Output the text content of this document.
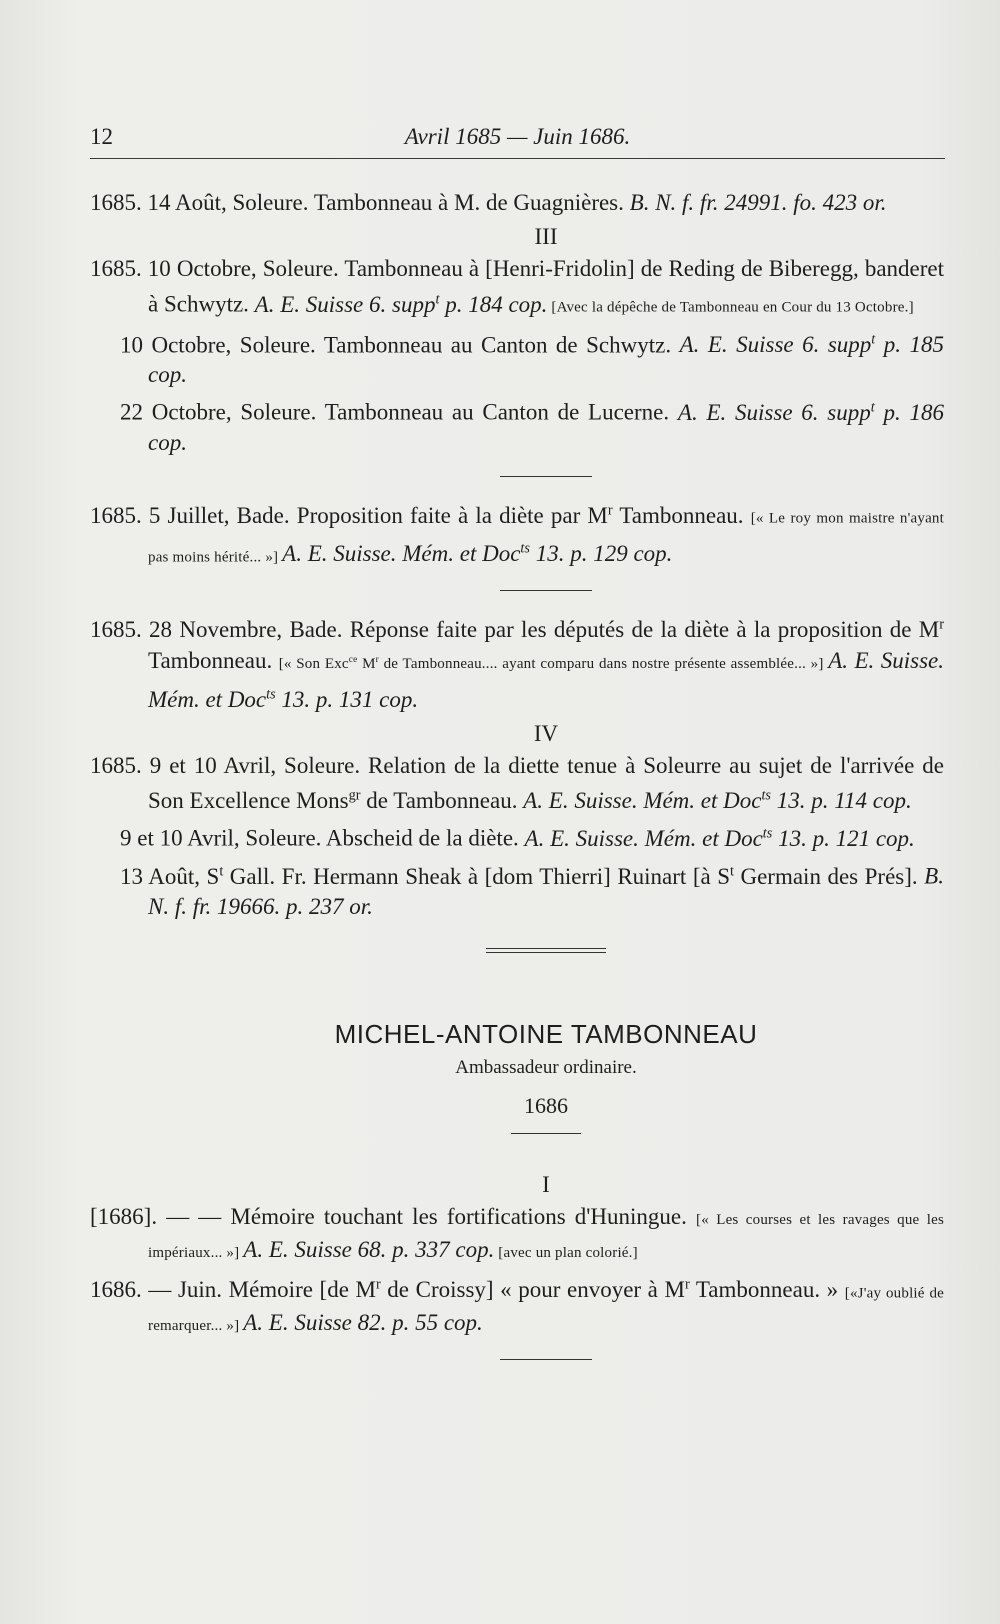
12	Avril 1685 — Juin 1686.
1685. 14 Août, Soleure. Tambonneau à M. de Guagnières. B. N. f. fr. 24991. fo. 423 or.
III
1685. 10 Octobre, Soleure. Tambonneau à [Henri-Fridolin] de Reding de Biberegg, banderet à Schwytz. A. E. Suisse 6. supp$^t$ p. 184 cop. [Avec la dépêche de Tambonneau en Cour du 13 Octobre.]
10 Octobre, Soleure. Tambonneau au Canton de Schwytz. A. E. Suisse 6. supp$^t$ p. 185 cop.
22 Octobre, Soleure. Tambonneau au Canton de Lucerne. A. E. Suisse 6. supp$^t$ p. 186 cop.
1685. 5 Juillet, Bade. Proposition faite à la diète par $M^r$ Tambonneau. [« Le roy mon maistre n'ayant pas moins hérité... »] A. E. Suisse. Mém. et Doc$^{ts}$ 13. p. 129 cop.
1685. 28 Novembre, Bade. Réponse faite par les députés de la diète à la proposition de $M^r$ Tambonneau. [« Son Exc$^{ce}$ $M^r$ de Tambonneau.... ayant comparu dans nostre présente assemblée... »] A. E. Suisse. Mém. et Doc$^{ts}$ 13. p. 131 cop.
IV
1685. 9 et 10 Avril, Soleure. Relation de la diette tenue à Soleurre au sujet de l'arrivée de Son Excellence Mons$^{gr}$ de Tambonneau. A. E. Suisse. Mém. et Doc$^{ts}$ 13. p. 114 cop.
9 et 10 Avril, Soleure. Abscheid de la diète. A. E. Suisse. Mém. et Doc$^{ts}$ 13. p. 121 cop.
13 Août, $S^t$ Gall. Fr. Hermann Sheak à [dom Thierri] Ruinart [à $S^t$ Germain des Prés]. B. N. f. fr. 19666. p. 237 or.
MICHEL-ANTOINE TAMBONNEAU
Ambassadeur ordinaire.
1686
I
[1686]. — — Mémoire touchant les fortifications d'Huningue. [« Les courses et les ravages que les impériaux... »] A. E. Suisse 68. p. 337 cop. [avec un plan colorié.]
1686. — Juin. Mémoire [de $M^r$ de Croissy] « pour envoyer à $M^r$ Tambonneau. » [«J'ay oublié de remarquer... »] A. E. Suisse 82. p. 55 cop.
